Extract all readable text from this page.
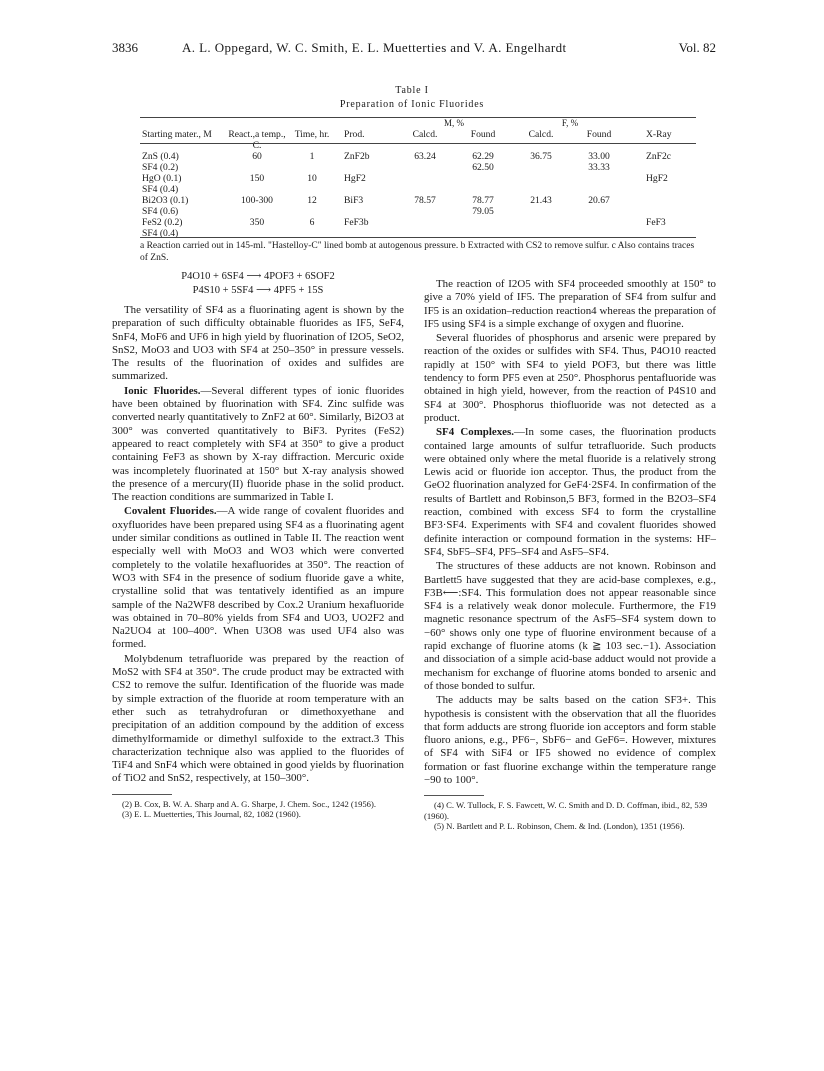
3836	A. L. Oppegard, W. C. Smith, E. L. Muetterties and V. A. Engelhardt	Vol. 82
Table I
Preparation of Ionic Fluorides
				M, %		F, %		
Starting mater., M	React.,a temp., C.	Time, hr.	Prod.	Calcd.	Found	Calcd.	Found	X-Ray
ZnS (0.4)	60	1	ZnF2b	63.24	62.29	36.75	33.00	ZnF2c
SF4 (0.2)					62.50		33.33	
HgO (0.1)	150	10	HgF2					HgF2
SF4 (0.4)								
Bi2O3 (0.1)	100-300	12	BiF3	78.57	78.77	21.43	20.67	
SF4 (0.6)					79.05			
FeS2 (0.2)	350	6	FeF3b					FeF3
SF4 (0.4)								
a Reaction carried out in 145-ml. "Hastelloy-C" lined bomb at autogenous pressure. b Extracted with CS2 to remove sulfur. c Also contains traces of ZnS.
P4O10 + 6SF4 ⟶ 4POF3 + 6SOF2
P4S10 + 5SF4 ⟶ 4PF5 + 15S

The versatility of SF4 as a fluorinating agent is shown by the preparation of such difficulty obtainable fluorides as IF5, SeF4, SnF4, MoF6 and UF6 in high yield by fluorination of I2O5, SeO2, SnS2, MoO3 and UO3 with SF4 at 250–350° in pressure vessels. The results of the fluorination of oxides and sulfides are summarized.

Ionic Fluorides.—Several different types of ionic fluorides have been obtained by fluorination with SF4. Zinc sulfide was converted nearly quantitatively to ZnF2 at 60°. Similarly, Bi2O3 at 300° was converted quantitatively to BiF3. Pyrites (FeS2) appeared to react completely with SF4 at 350° to give a product containing FeF3 as shown by X-ray diffraction. Mercuric oxide was incompletely fluorinated at 150° but X-ray analysis showed the presence of a mercury(II) fluoride phase in the solid product. The reaction conditions are summarized in Table I.

Covalent Fluorides.—A wide range of covalent fluorides and oxyfluorides have been prepared using SF4 as a fluorinating agent under similar conditions as outlined in Table II. The reaction went especially well with MoO3 and WO3 which were converted completely to the volatile hexafluorides at 350°. The reaction of WO3 with SF4 in the presence of sodium fluoride gave a white, crystalline solid that was tentatively identified as an impure sample of the Na2WF8 described by Cox.2 Uranium hexafluoride was obtained in 70–80% yields from SF4 and UO3, UO2F2 and Na2UO4 at 100–400°. When U3O8 was used UF4 also was formed.

Molybdenum tetrafluoride was prepared by the reaction of MoS2 with SF4 at 350°. The crude product may be extracted with CS2 to remove the sulfur. Identification of the fluoride was made by simple extraction of the fluoride at room temperature with an ether such as tetrahydrofuran or dimethoxyethane and precipitation of an addition compound by the addition of excess dimethylformamide or dimethyl sulfoxide to the extract.3 This characterization technique also was applied to the fluorides of TiF4 and SnF4 which were obtained in good yields by fluorination of TiO2 and SnS2, respectively, at 150–300°.

(2) B. Cox, B. W. A. Sharp and A. G. Sharpe, J. Chem. Soc., 1242 (1956).
(3) E. L. Muetterties, This Journal, 82, 1082 (1960).

The reaction of I2O5 with SF4 proceeded smoothly at 150° to give a 70% yield of IF5. The preparation of SF4 from sulfur and IF5 is an oxidation–reduction reaction4 whereas the preparation of IF5 using SF4 is a simple exchange of oxygen and fluorine.

Several fluorides of phosphorus and arsenic were prepared by reaction of the oxides or sulfides with SF4. Thus, P4O10 reacted rapidly at 150° with SF4 to yield POF3, but there was little tendency to form PF5 even at 250°. Phosphorus pentafluoride was obtained in high yield, however, from the reaction of P4S10 and SF4 at 300°. Phosphorus thiofluoride was not detected as a product.

SF4 Complexes.—In some cases, the fluorination products contained large amounts of sulfur tetrafluoride. Such products were obtained only where the metal fluoride is a relatively strong Lewis acid or fluoride ion acceptor. Thus, the product from the GeO2 fluorination analyzed for GeF4·2SF4. In confirmation of the results of Bartlett and Robinson,5 BF3, formed in the B2O3–SF4 reaction, combined with excess SF4 to form the crystalline BF3·SF4. Experiments with SF4 and covalent fluorides showed definite interaction or compound formation in the systems: HF–SF4, SbF5–SF4, PF5–SF4 and AsF5–SF4.

The structures of these adducts are not known. Robinson and Bartlett5 have suggested that they are acid-base complexes, e.g., F3B⟵:SF4. This formulation does not appear reasonable since SF4 is a relatively weak donor molecule. Furthermore, the F19 magnetic resonance spectrum of the AsF5–SF4 system down to −60° shows only one type of fluorine environment because of a rapid exchange of fluorine atoms (k ≧ 103 sec.−1). Association and dissociation of a simple acid-base adduct would not provide a mechanism for exchange of fluorine atoms bonded to arsenic and of those bonded to sulfur.

The adducts may be salts based on the cation SF3+. This hypothesis is consistent with the observation that all the fluorides that form adducts are strong fluoride ion acceptors and form stable fluoro anions, e.g., PF6−, SbF6− and GeF6=. However, mixtures of SF4 with SiF4 or IF5 showed no evidence of complex formation or fast fluorine exchange within the temperature range −90 to 100°.

(4) C. W. Tullock, F. S. Fawcett, W. C. Smith and D. D. Coffman, ibid., 82, 539 (1960).
(5) N. Bartlett and P. L. Robinson, Chem. & Ind. (London), 1351 (1956).
